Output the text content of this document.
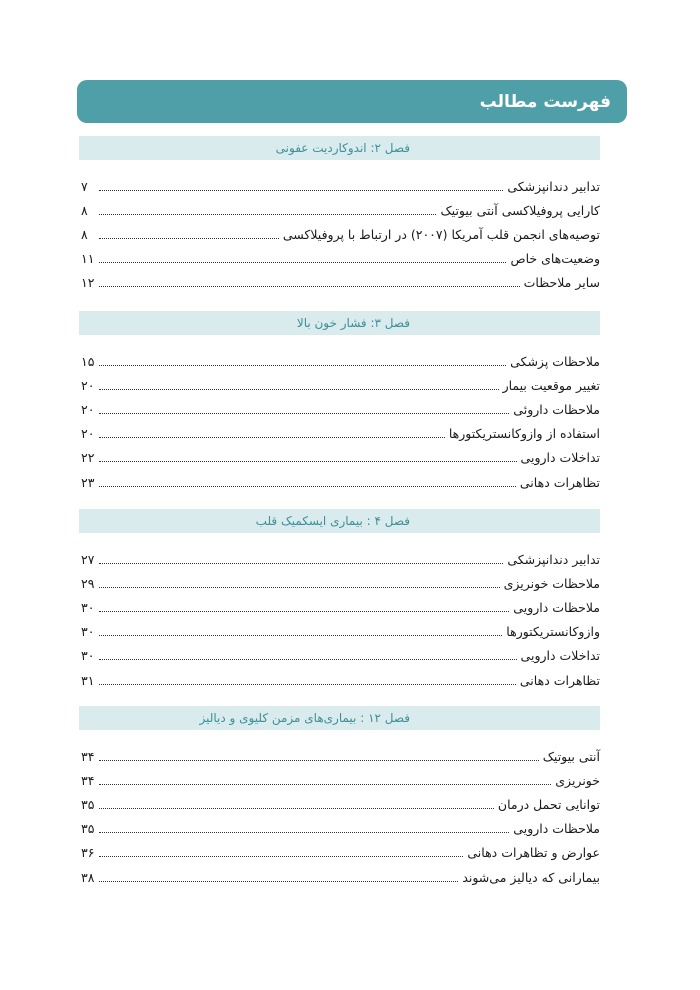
فهرست مطالب
فصل ۲: اندوکاردیت عفونی
تدابیر دندانپزشکی
۷
کارایی پروفیلاکسی آنتی بیوتیک
۸
توصیه‌های انجمن قلب آمریکا (۲۰۰۷) در ارتباط با پروفیلاکسی
۸
وضعیت‌های خاص
۱۱
سایر ملاحظات
۱۲
فصل ۳: فشار خون بالا
ملاحظات پزشکی
۱۵
تغییر موقعیت بیمار
۲۰
ملاحظات داروئی
۲۰
استفاده از وازوکانستریکتورها
۲۰
تداخلات دارویی
۲۲
تظاهرات دهانی
۲۳
فصل ۴ : بیماری ایسکمیک قلب
تدابیر دندانپزشکی
۲۷
ملاحظات خونریزی
۲۹
ملاحظات دارویی
۳۰
وازوکانستریکتورها
۳۰
تداخلات دارویی
۳۰
تظاهرات دهانی
۳۱
فصل ۱۲ : بیماری‌های مزمن کلیوی و دیالیز
آنتی بیوتیک
۳۴
خونریزی
۳۴
توانایی تحمل درمان
۳۵
ملاحظات دارویی
۳۵
عوارض و تظاهرات دهانی
۳۶
بیمارانی که دیالیز می‌شوند
۳۸
